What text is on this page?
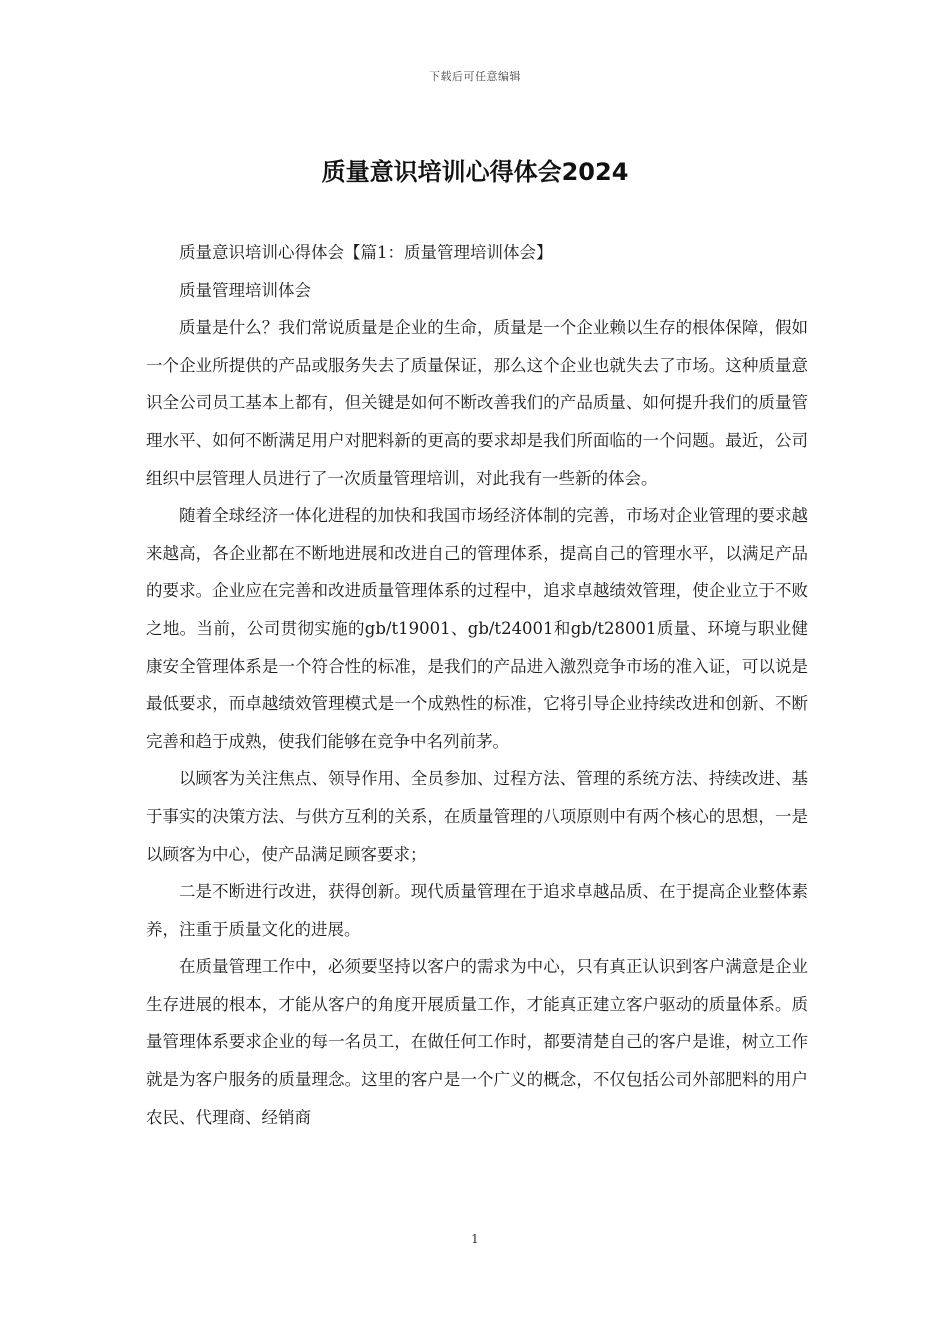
下载后可任意编辑
质量意识培训心得体会2024

质量意识培训心得体会【篇1：质量管理培训体会】

质量管理培训体会

质量是什么？我们常说质量是企业的生命，质量是一个企业赖以生存的根体保障，假如一个企业所提供的产品或服务失去了质量保证，那么这个企业也就失去了市场。这种质量意识全公司员工基本上都有，但关键是如何不断改善我们的产品质量、如何提升我们的质量管理水平、如何不断满足用户对肥料新的更高的要求却是我们所面临的一个问题。最近，公司组织中层管理人员进行了一次质量管理培训，对此我有一些新的体会。

随着全球经济一体化进程的加快和我国市场经济体制的完善，市场对企业管理的要求越来越高，各企业都在不断地进展和改进自己的管理体系，提高自己的管理水平，以满足产品的要求。企业应在完善和改进质量管理体系的过程中，追求卓越绩效管理，使企业立于不败之地。当前，公司贯彻实施的gb/t19001、gb/t24001和gb/t28001质量、环境与职业健康安全管理体系是一个符合性的标准，是我们的产品进入激烈竞争市场的准入证，可以说是最低要求，而卓越绩效管理模式是一个成熟性的标准，它将引导企业持续改进和创新、不断完善和趋于成熟，使我们能够在竞争中名列前茅。

以顾客为关注焦点、领导作用、全员参加、过程方法、管理的系统方法、持续改进、基于事实的决策方法、与供方互利的关系，在质量管理的八项原则中有两个核心的思想，一是以顾客为中心，使产品满足顾客要求；

二是不断进行改进，获得创新。现代质量管理在于追求卓越品质、在于提高企业整体素养，注重于质量文化的进展。

在质量管理工作中，必须要坚持以客户的需求为中心，只有真正认识到客户满意是企业生存进展的根本，才能从客户的角度开展质量工作，才能真正建立客户驱动的质量体系。质量管理体系要求企业的每一名员工，在做任何工作时，都要清楚自己的客户是谁，树立工作就是为客户服务的质量理念。这里的客户是一个广义的概念，不仅包括公司外部肥料的用户农民、代理商、经销商

1
